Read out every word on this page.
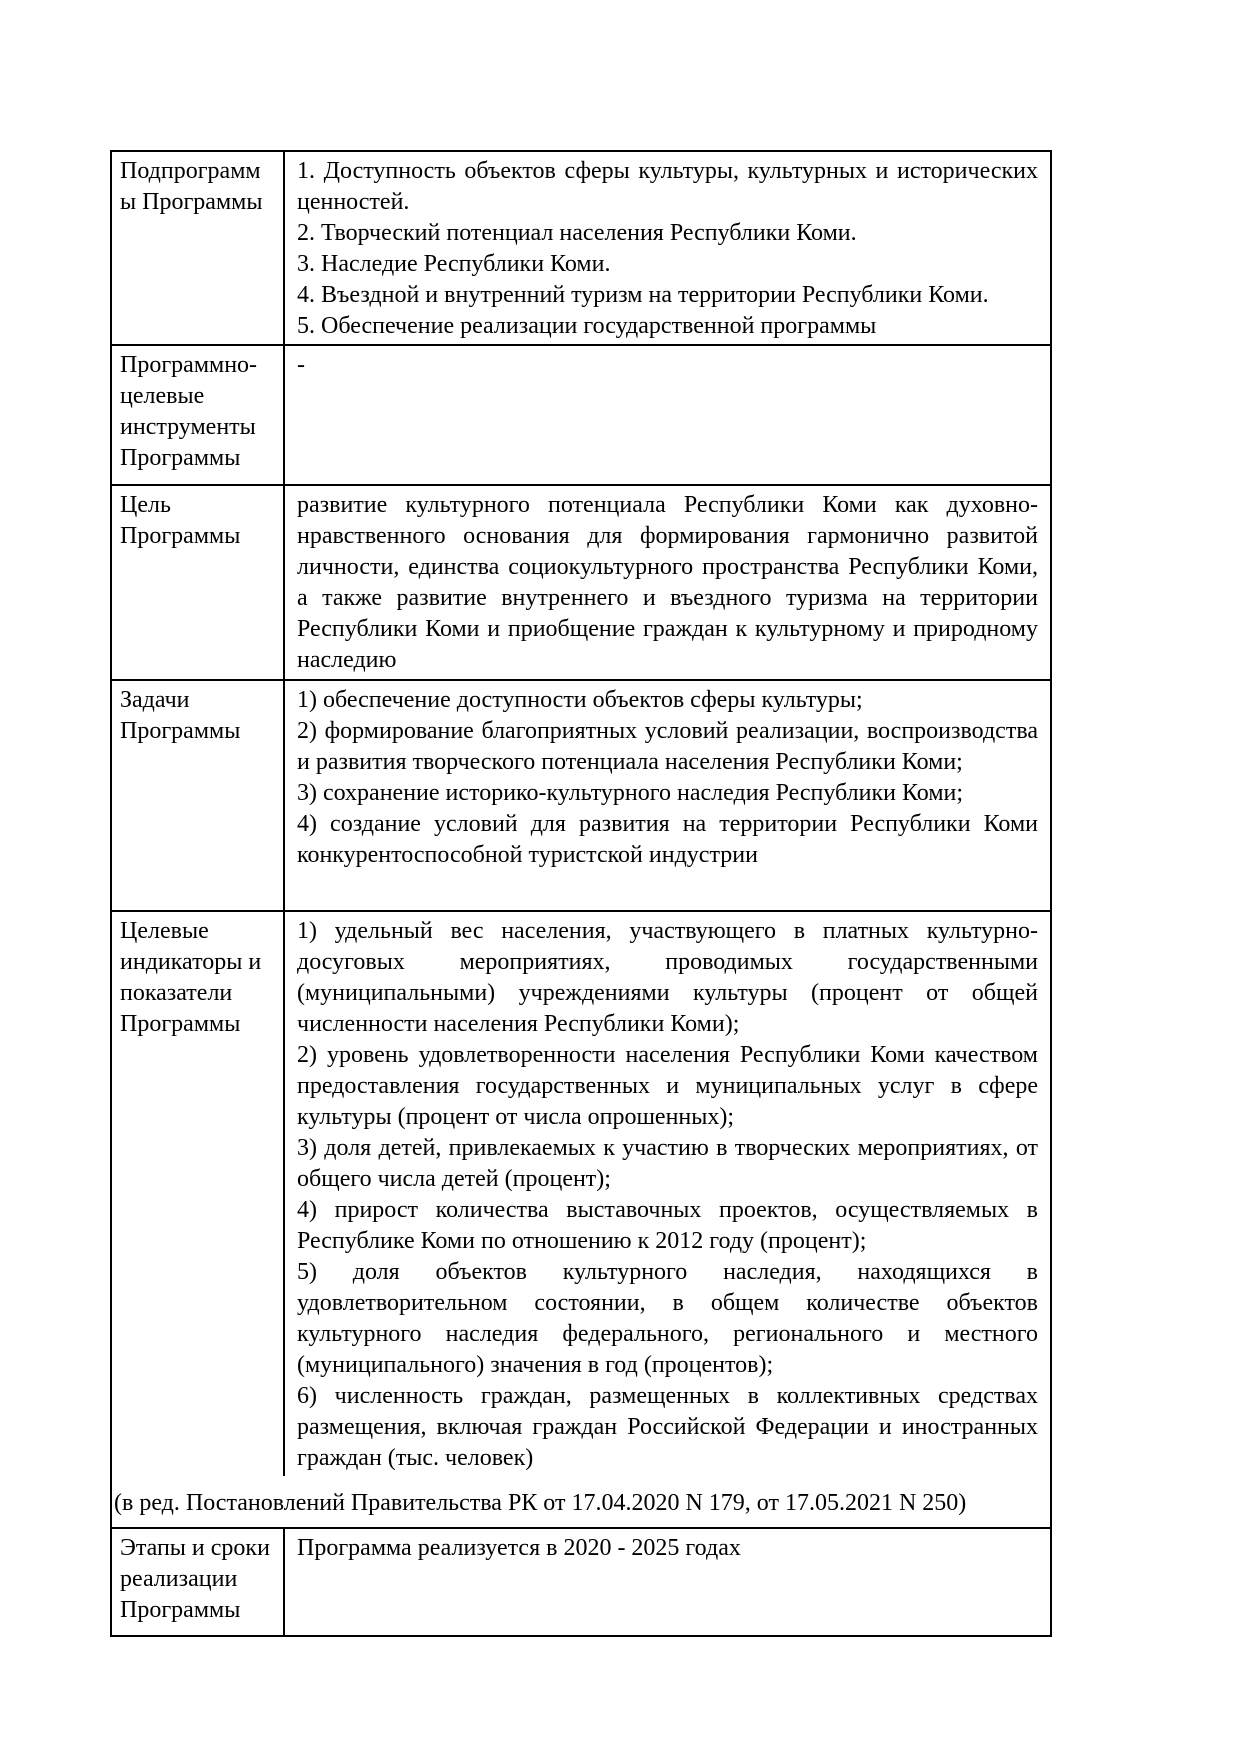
Подпрограммы Программы

1. Доступность объектов сферы культуры, культурных и исторических ценностей.

2. Творческий потенциал населения Республики Коми.

3. Наследие Республики Коми.

4. Въездной и внутренний туризм на территории Республики Коми.

5. Обеспечение реализации государственной программы

Программно-целевые инструменты Программы

-

Цель Программы

развитие культурного потенциала Республики Коми как духовно-нравственного основания для формирования гармонично развитой личности, единства социокультурного пространства Республики Коми, а также развитие внутреннего и въездного туризма на территории Республики Коми и приобщение граждан к культурному и природному наследию

Задачи Программы

1) обеспечение доступности объектов сферы культуры;

2) формирование благоприятных условий реализации, воспроизводства и развития творческого потенциала населения Республики Коми;

3) сохранение историко-культурного наследия Республики Коми;

4) создание условий для развития на территории Республики Коми конкурентоспособной туристской индустрии

Целевые индикаторы и показатели Программы

1) удельный вес населения, участвующего в платных культурно-досуговых мероприятиях, проводимых государственными (муниципальными) учреждениями культуры (процент от общей численности населения Республики Коми);

2) уровень удовлетворенности населения Республики Коми качеством предоставления государственных и муниципальных услуг в сфере культуры (процент от числа опрошенных);

3) доля детей, привлекаемых к участию в творческих мероприятиях, от общего числа детей (процент);

4) прирост количества выставочных проектов, осуществляемых в Республике Коми по отношению к 2012 году (процент);

5) доля объектов культурного наследия, находящихся в удовлетворительном состоянии, в общем количестве объектов культурного наследия федерального, регионального и местного (муниципального) значения в год (процентов);

6) численность граждан, размещенных в коллективных средствах размещения, включая граждан Российской Федерации и иностранных граждан (тыс. человек)

(в ред. Постановлений Правительства РК от 17.04.2020 N 179, от 17.05.2021 N 250)
Этапы и сроки реализации Программы

Программа реализуется в 2020 - 2025 годах
